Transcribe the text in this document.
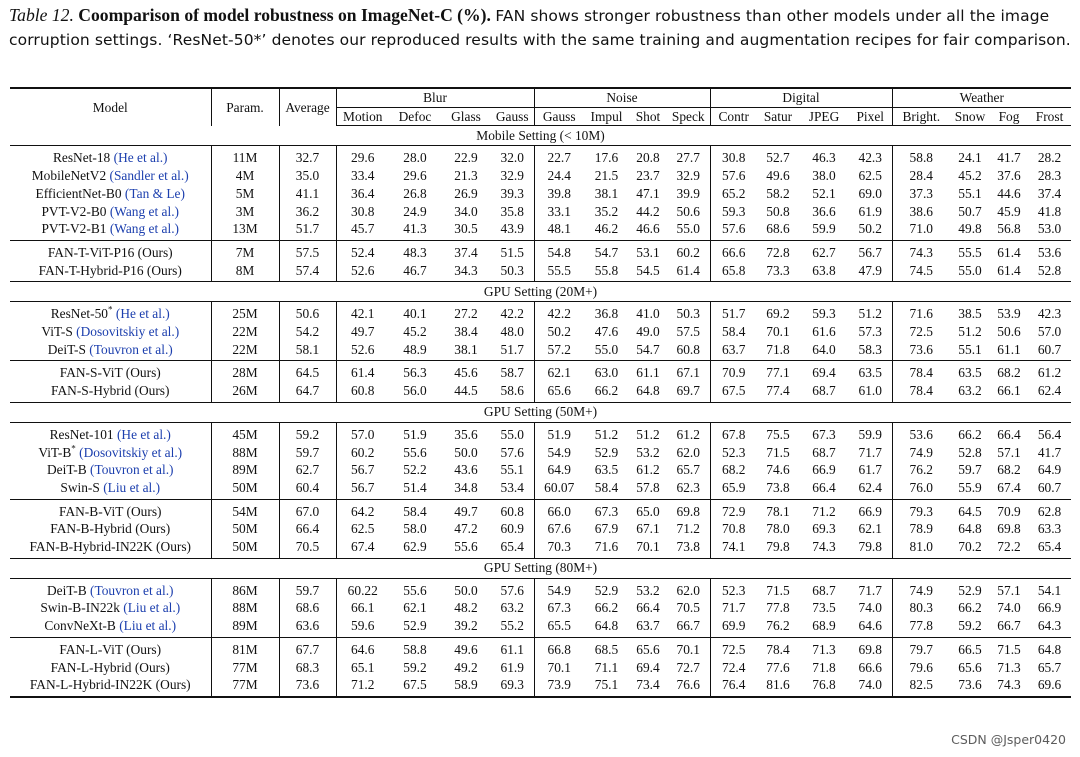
Table 12. Coomparison of model robustness on ImageNet-C (%). FAN shows stronger robustness than other models under all the image corruption settings. ‘ResNet-50*’ denotes our reproduced results with the same training and augmentation recipes for fair comparison.
Model	Param.	Average	Blur				Noise				Digital				Weather			
			Motion	Defoc	Glass	Gauss	Gauss	Impul	Shot	Speck	Contr	Satur	JPEG	Pixel	Bright.	Snow	Fog	Frost
Mobile Setting (< 10M)																		
ResNet-18 (He et al.)	11M	32.7	29.6	28.0	22.9	32.0	22.7	17.6	20.8	27.7	30.8	52.7	46.3	42.3	58.8	24.1	41.7	28.2
MobileNetV2 (Sandler et al.)	4M	35.0	33.4	29.6	21.3	32.9	24.4	21.5	23.7	32.9	57.6	49.6	38.0	62.5	28.4	45.2	37.6	28.3
EfficientNet-B0 (Tan & Le)	5M	41.1	36.4	26.8	26.9	39.3	39.8	38.1	47.1	39.9	65.2	58.2	52.1	69.0	37.3	55.1	44.6	37.4
PVT-V2-B0 (Wang et al.)	3M	36.2	30.8	24.9	34.0	35.8	33.1	35.2	44.2	50.6	59.3	50.8	36.6	61.9	38.6	50.7	45.9	41.8
PVT-V2-B1 (Wang et al.)	13M	51.7	45.7	41.3	30.5	43.9	48.1	46.2	46.6	55.0	57.6	68.6	59.9	50.2	71.0	49.8	56.8	53.0
FAN-T-ViT-P16 (Ours)	7M	57.5	52.4	48.3	37.4	51.5	54.8	54.7	53.1	60.2	66.6	72.8	62.7	56.7	74.3	55.5	61.4	53.6
FAN-T-Hybrid-P16 (Ours)	8M	57.4	52.6	46.7	34.3	50.3	55.5	55.8	54.5	61.4	65.8	73.3	63.8	47.9	74.5	55.0	61.4	52.8
GPU Setting (20M+)																		
ResNet-50* (He et al.)	25M	50.6	42.1	40.1	27.2	42.2	42.2	36.8	41.0	50.3	51.7	69.2	59.3	51.2	71.6	38.5	53.9	42.3
ViT-S (Dosovitskiy et al.)	22M	54.2	49.7	45.2	38.4	48.0	50.2	47.6	49.0	57.5	58.4	70.1	61.6	57.3	72.5	51.2	50.6	57.0
DeiT-S (Touvron et al.)	22M	58.1	52.6	48.9	38.1	51.7	57.2	55.0	54.7	60.8	63.7	71.8	64.0	58.3	73.6	55.1	61.1	60.7
FAN-S-ViT (Ours)	28M	64.5	61.4	56.3	45.6	58.7	62.1	63.0	61.1	67.1	70.9	77.1	69.4	63.5	78.4	63.5	68.2	61.2
FAN-S-Hybrid (Ours)	26M	64.7	60.8	56.0	44.5	58.6	65.6	66.2	64.8	69.7	67.5	77.4	68.7	61.0	78.4	63.2	66.1	62.4
GPU Setting (50M+)																		
ResNet-101 (He et al.)	45M	59.2	57.0	51.9	35.6	55.0	51.9	51.2	51.2	61.2	67.8	75.5	67.3	59.9	53.6	66.2	66.4	56.4
ViT-B* (Dosovitskiy et al.)	88M	59.7	60.2	55.6	50.0	57.6	54.9	52.9	53.2	62.0	52.3	71.5	68.7	71.7	74.9	52.8	57.1	41.7
DeiT-B (Touvron et al.)	89M	62.7	56.7	52.2	43.6	55.1	64.9	63.5	61.2	65.7	68.2	74.6	66.9	61.7	76.2	59.7	68.2	64.9
Swin-S (Liu et al.)	50M	60.4	56.7	51.4	34.8	53.4	60.07	58.4	57.8	62.3	65.9	73.8	66.4	62.4	76.0	55.9	67.4	60.7
FAN-B-ViT (Ours)	54M	67.0	64.2	58.4	49.7	60.8	66.0	67.3	65.0	69.8	72.9	78.1	71.2	66.9	79.3	64.5	70.9	62.8
FAN-B-Hybrid (Ours)	50M	66.4	62.5	58.0	47.2	60.9	67.6	67.9	67.1	71.2	70.8	78.0	69.3	62.1	78.9	64.8	69.8	63.3
FAN-B-Hybrid-IN22K (Ours)	50M	70.5	67.4	62.9	55.6	65.4	70.3	71.6	70.1	73.8	74.1	79.8	74.3	79.8	81.0	70.2	72.2	65.4
GPU Setting (80M+)																		
DeiT-B (Touvron et al.)	86M	59.7	60.22	55.6	50.0	57.6	54.9	52.9	53.2	62.0	52.3	71.5	68.7	71.7	74.9	52.9	57.1	54.1
Swin-B-IN22k (Liu et al.)	88M	68.6	66.1	62.1	48.2	63.2	67.3	66.2	66.4	70.5	71.7	77.8	73.5	74.0	80.3	66.2	74.0	66.9
ConvNeXt-B (Liu et al.)	89M	63.6	59.6	52.9	39.2	55.2	65.5	64.8	63.7	66.7	69.9	76.2	68.9	64.6	77.8	59.2	66.7	64.3
FAN-L-ViT (Ours)	81M	67.7	64.6	58.8	49.6	61.1	66.8	68.5	65.6	70.1	72.5	78.4	71.3	69.8	79.7	66.5	71.5	64.8
FAN-L-Hybrid (Ours)	77M	68.3	65.1	59.2	49.2	61.9	70.1	71.1	69.4	72.7	72.4	77.6	71.8	66.6	79.6	65.6	71.3	65.7
FAN-L-Hybrid-IN22K (Ours)	77M	73.6	71.2	67.5	58.9	69.3	73.9	75.1	73.4	76.6	76.4	81.6	76.8	74.0	82.5	73.6	74.3	69.6
CSDN @Jsper0420
